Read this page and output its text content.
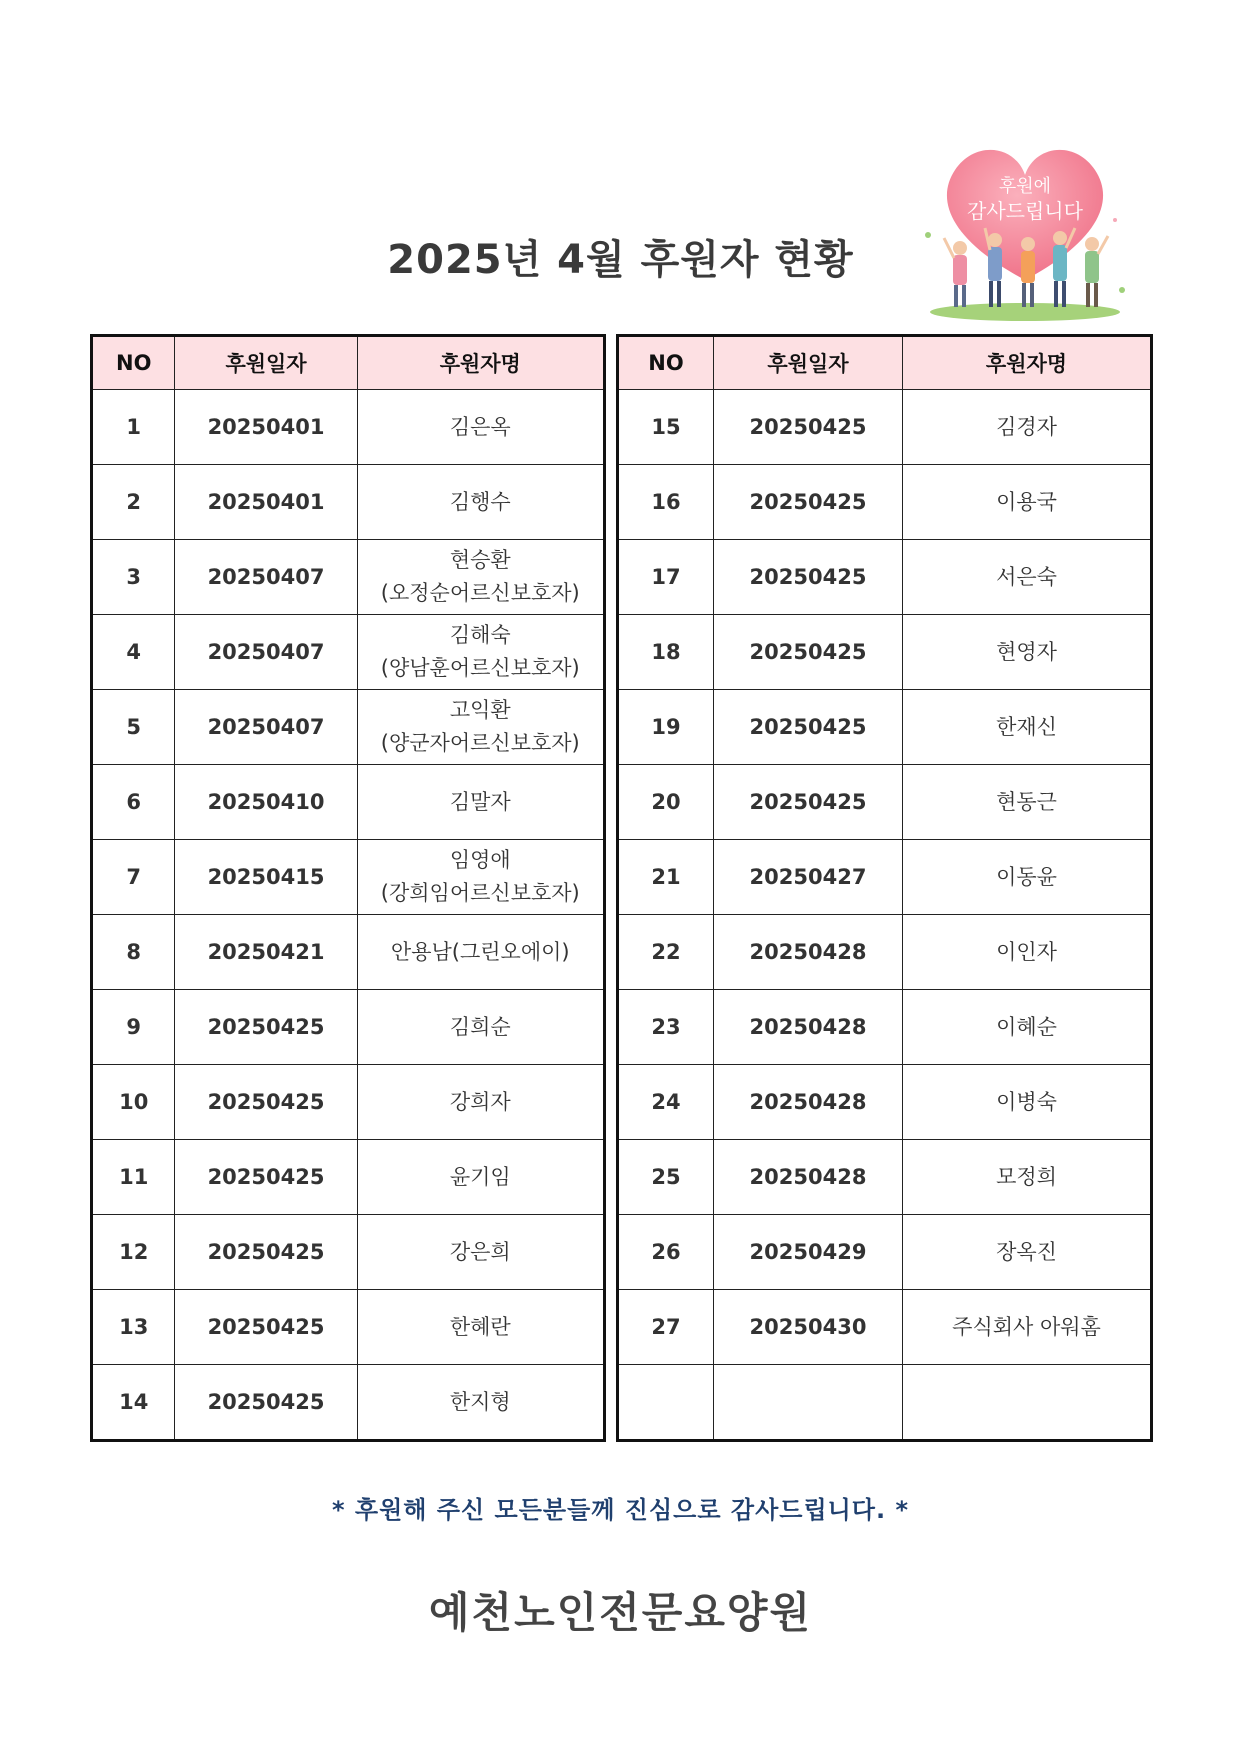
2025년 4월 후원자 현황
후원에
감사드립니다
NO	후원일자	후원자명
1	20250401	김은옥

2	20250401	김행수

3	20250407	현승환
(오정순어르신보호자)

4	20250407	김해숙
(양남훈어르신보호자)

5	20250407	고익환
(양군자어르신보호자)

6	20250410	김말자

7	20250415	임영애
(강희임어르신보호자)

8	20250421	안용남(그린오에이)

9	20250425	김희순

10	20250425	강희자

11	20250425	윤기임

12	20250425	강은희

13	20250425	한혜란

14	20250425	한지형
NO	후원일자	후원자명
15	20250425	김경자

16	20250425	이용국

17	20250425	서은숙

18	20250425	현영자

19	20250425	한재신

20	20250425	현동근

21	20250427	이동윤

22	20250428	이인자

23	20250428	이혜순

24	20250428	이병숙

25	20250428	모정희

26	20250429	장옥진

27	20250430	주식회사 아워홈

* 후원해 주신 모든분들께 진심으로 감사드립니다. *
예천노인전문요양원
